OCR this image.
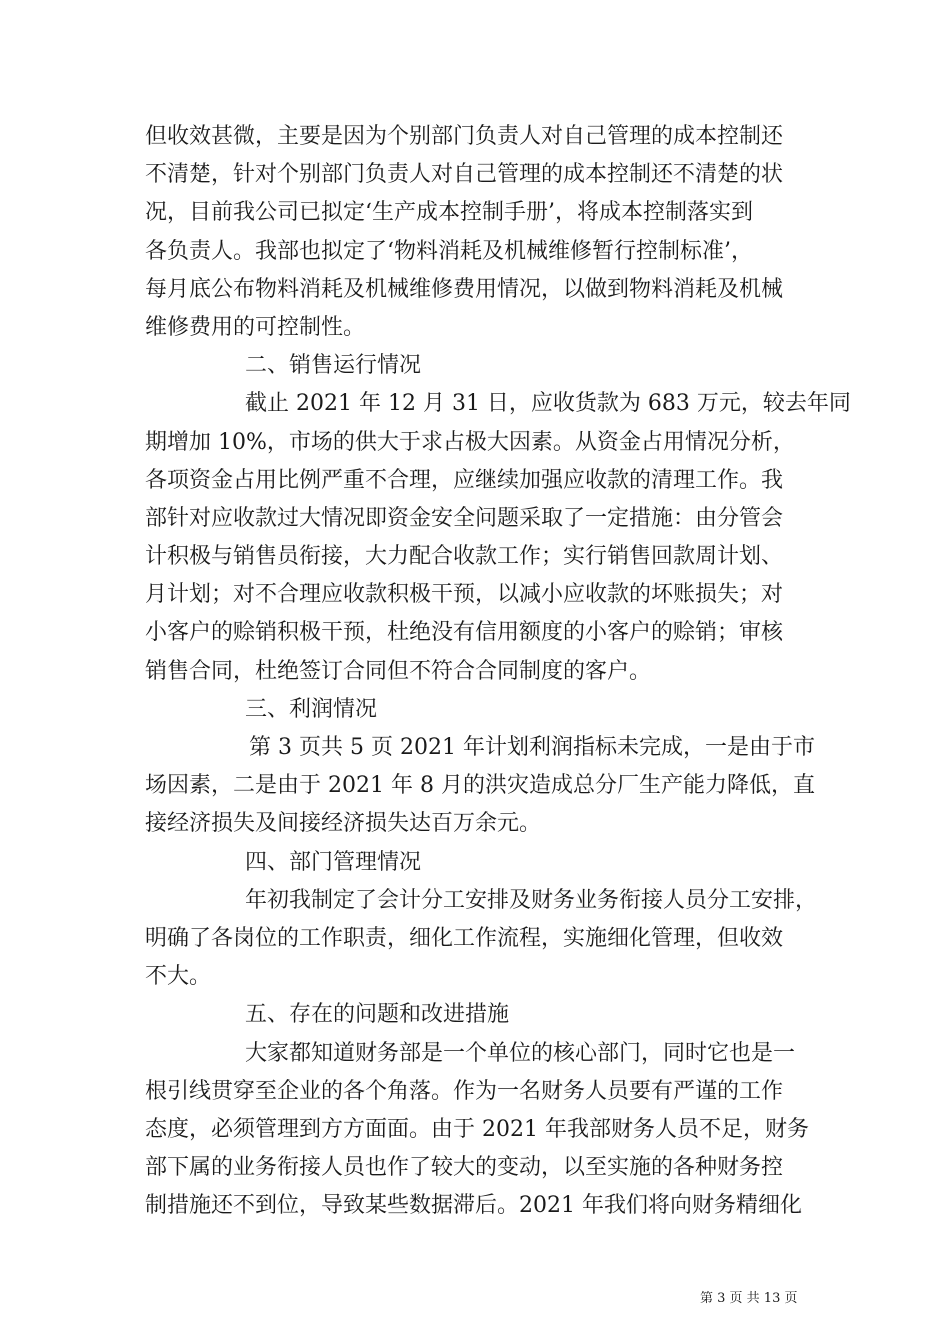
但收效甚微，主要是因为个别部门负责人对自己管理的成本控制还
不清楚，针对个别部门负责人对自己管理的成本控制还不清楚的状
况，目前我公司已拟定‘生产成本控制手册’，将成本控制落实到
各负责人。我部也拟定了‘物料消耗及机械维修暂行控制标准’，
每月底公布物料消耗及机械维修费用情况，以做到物料消耗及机械
维修费用的可控制性。
二、销售运行情况
截止 2021 年 12 月 31 日，应收货款为 683 万元，较去年同
期增加 10%，市场的供大于求占极大因素。从资金占用情况分析，
各项资金占用比例严重不合理，应继续加强应收款的清理工作。我
部针对应收款过大情况即资金安全问题采取了一定措施：由分管会
计积极与销售员衔接，大力配合收款工作；实行销售回款周计划、
月计划；对不合理应收款积极干预，以减小应收款的坏账损失；对
小客户的赊销积极干预，杜绝没有信用额度的小客户的赊销；审核
销售合同，杜绝签订合同但不符合合同制度的客户。
三、利润情况
第 3 页共 5 页 2021 年计划利润指标未完成，一是由于市
场因素，二是由于 2021 年 8 月的洪灾造成总分厂生产能力降低，直
接经济损失及间接经济损失达百万余元。
四、部门管理情况
年初我制定了会计分工安排及财务业务衔接人员分工安排，
明确了各岗位的工作职责，细化工作流程，实施细化管理，但收效
不大。
五、存在的问题和改进措施
大家都知道财务部是一个单位的核心部门，同时它也是一
根引线贯穿至企业的各个角落。作为一名财务人员要有严谨的工作
态度，必须管理到方方面面。由于 2021 年我部财务人员不足，财务
部下属的业务衔接人员也作了较大的变动，以至实施的各种财务控
制措施还不到位，导致某些数据滞后。2021 年我们将向财务精细化
第 3 页 共 13 页
